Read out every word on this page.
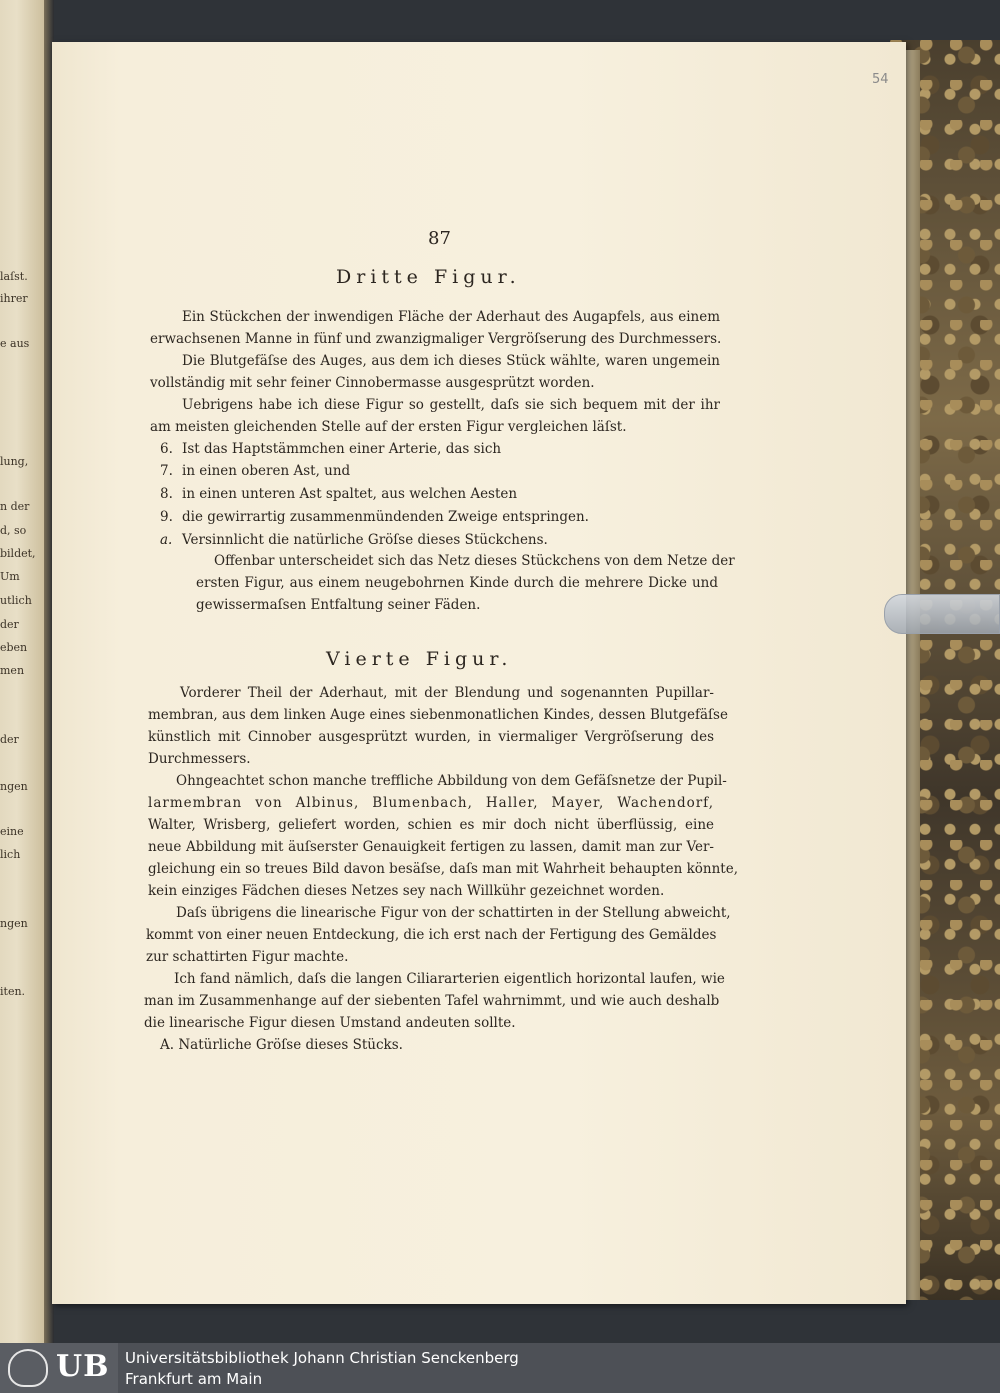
laſst.
ihrer
e aus
lung,
n der
d, so
bildet,
Um
utlich
der
eben
men
der
ngen
eine
lich
ngen
iten.
54
87
Dritte Figur.
Ein Stückchen der inwendigen Fläche der Aderhaut des Augapfels, aus einem
erwachsenen Manne in fünf und zwanzigmaliger Vergröſserung des Durchmessers.
Die Blutgefäſse des Auges, aus dem ich dieses Stück wählte, waren ungemein
vollständig mit sehr feiner Cinnobermasse ausgesprützt worden.
Uebrigens habe ich diese Figur so gestellt, daſs sie sich bequem mit der ihr
am meisten gleichenden Stelle auf der ersten Figur vergleichen läſst.
6. Ist das Haptstämmchen einer Arterie, das sich
7. in einen oberen Ast, und
8. in einen unteren Ast spaltet, aus welchen Aesten
9. die gewirrartig zusammenmündenden Zweige entspringen.
a. Versinnlicht die natürliche Gröſse dieses Stückchens.
Offenbar unterscheidet sich das Netz dieses Stückchens von dem Netze der
ersten Figur, aus einem neugebohrnen Kinde durch die mehrere Dicke und
gewissermaſsen Entfaltung seiner Fäden.
Vierte Figur.
Vorderer Theil der Aderhaut, mit der Blendung und sogenannten Pupillar-
membran, aus dem linken Auge eines siebenmonatlichen Kindes, dessen Blutgefäſse
künstlich mit Cinnober ausgesprützt wurden, in viermaliger Vergröſserung des
Durchmessers.
Ohngeachtet schon manche treffliche Abbildung von dem Gefäſsnetze der Pupil-
larmembran von Albinus, Blumenbach, Haller, Mayer, Wachendorf,
Walter, Wrisberg, geliefert worden, schien es mir doch nicht überflüssig, eine
neue Abbildung mit äuſserster Genauigkeit fertigen zu lassen, damit man zur Ver-
gleichung ein so treues Bild davon besäſse, daſs man mit Wahrheit behaupten könnte,
kein einziges Fädchen dieses Netzes sey nach Willkühr gezeichnet worden.
Daſs übrigens die linearische Figur von der schattirten in der Stellung abweicht,
kommt von einer neuen Entdeckung, die ich erst nach der Fertigung des Gemäldes
zur schattirten Figur machte.
Ich fand nämlich, daſs die langen Ciliararterien eigentlich horizontal laufen, wie
man im Zusammenhange auf der siebenten Tafel wahrnimmt, und wie auch deshalb
die linearische Figur diesen Umstand andeuten sollte.
A. Natürliche Gröſse dieses Stücks.
UB Universitätsbibliothek Johann Christian Senckenberg
Frankfurt am Main
